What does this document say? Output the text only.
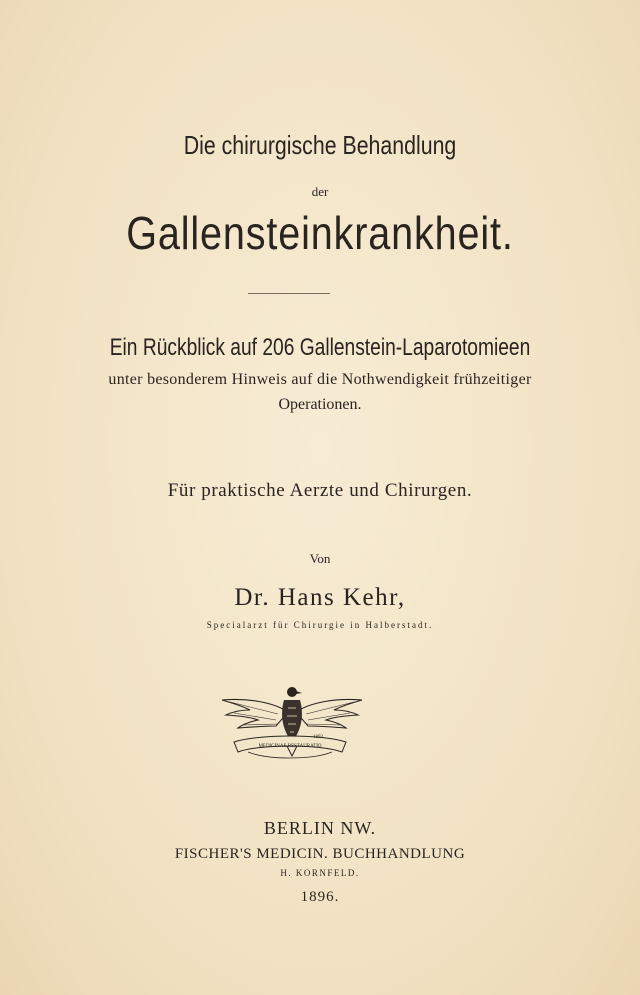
Die chirurgische Behandlung
der
Gallensteinkrankheit.
Ein Rückblick auf 206 Gallenstein-Laparotomieen
unter besonderem Hinweis auf die Nothwendigkeit frühzeitiger
Operationen.
Für praktische Aerzte und Chirurgen.
Von
Dr. Hans Kehr,
Specialarzt für Chirurgie in Halberstadt.
MEDICINAE RESTAURATIO
1893
BERLIN NW.
FISCHER'S MEDICIN. BUCHHANDLUNG
H. KORNFELD.
1896.
